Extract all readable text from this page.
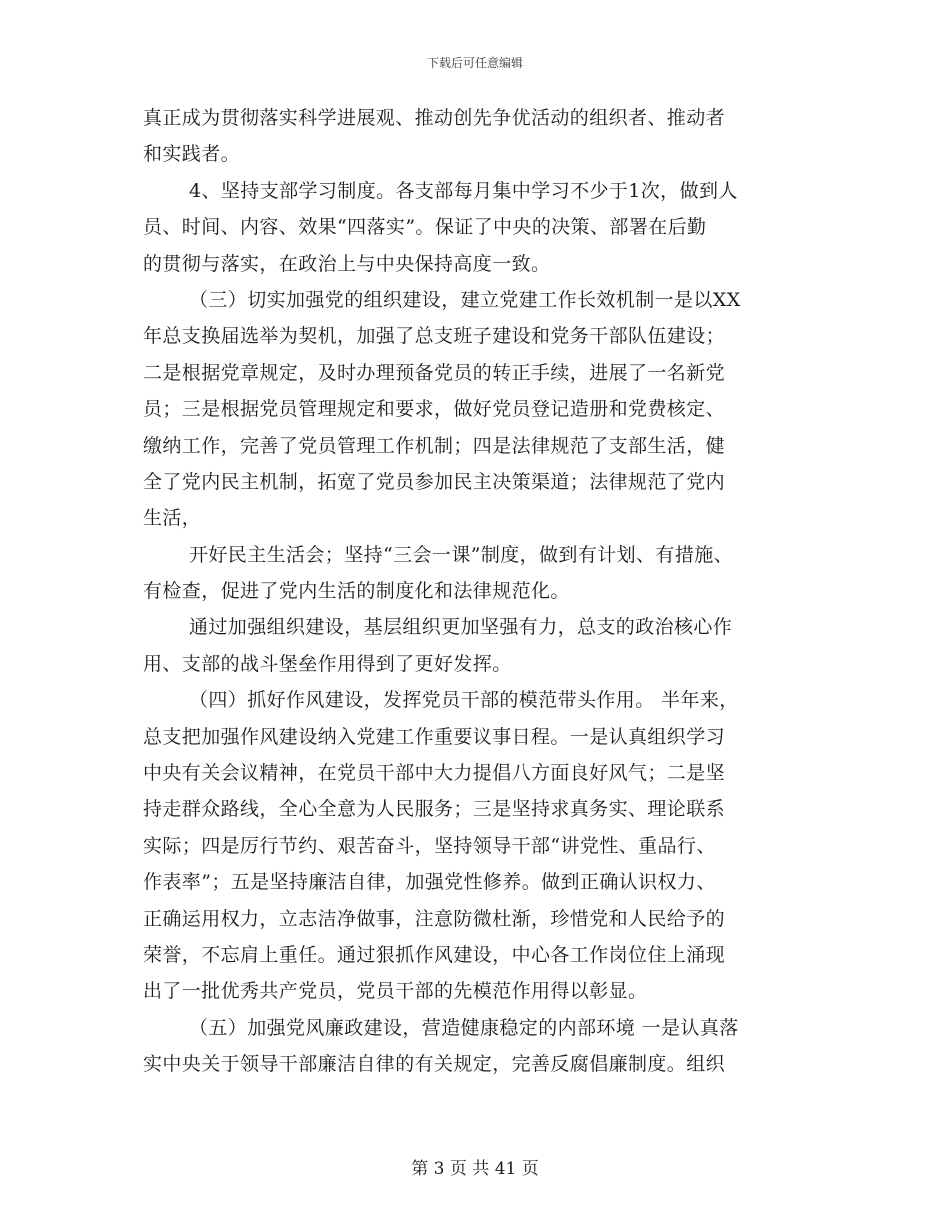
下载后可任意编辑
真正成为贯彻落实科学进展观、推动创先争优活动的组织者、推动者
和实践者。
4、坚持支部学习制度。各支部每月集中学习不少于1次，做到人
员、时间、内容、效果“四落实”。保证了中央的决策、部署在后勤
的贯彻与落实，在政治上与中央保持高度一致。
（三）切实加强党的组织建设，建立党建工作长效机制一是以XX
年总支换届选举为契机，加强了总支班子建设和党务干部队伍建设；
二是根据党章规定，及时办理预备党员的转正手续，进展了一名新党
员；三是根据党员管理规定和要求，做好党员登记造册和党费核定、
缴纳工作，完善了党员管理工作机制；四是法律规范了支部生活，健
全了党内民主机制，拓宽了党员参加民主决策渠道；法律规范了党内
生活，
开好民主生活会；坚持“三会一课”制度，做到有计划、有措施、
有检查，促进了党内生活的制度化和法律规范化。
通过加强组织建设，基层组织更加坚强有力，总支的政治核心作
用、支部的战斗堡垒作用得到了更好发挥。
（四）抓好作风建设，发挥党员干部的模范带头作用。 半年来，
总支把加强作风建设纳入党建工作重要议事日程。一是认真组织学习
中央有关会议精神，在党员干部中大力提倡八方面良好风气；二是坚
持走群众路线，全心全意为人民服务；三是坚持求真务实、理论联系
实际；四是厉行节约、艰苦奋斗，坚持领导干部“讲党性、重品行、
作表率”；五是坚持廉洁自律，加强党性修养。做到正确认识权力、
正确运用权力，立志洁净做事，注意防微杜渐，珍惜党和人民给予的
荣誉，不忘肩上重任。通过狠抓作风建设，中心各工作岗位住上涌现
出了一批优秀共产党员，党员干部的先模范作用得以彰显。
（五）加强党风廉政建设，营造健康稳定的内部环境 一是认真落
实中央关于领导干部廉洁自律的有关规定，完善反腐倡廉制度。组织
第 3 页 共 41 页
